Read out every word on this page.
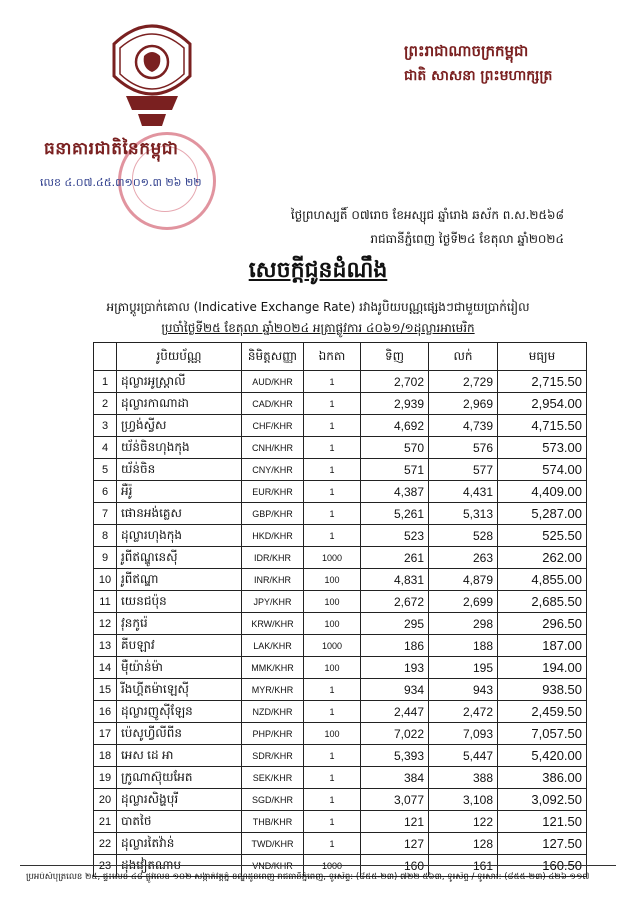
ធនាគារជាតិនៃកម្ពុជា
លេខ ៤.០៧.៤៥.៣១០១.៣ ២៦ ២២
ព្រះរាជាណាចក្រកម្ពុជា
ជាតិ សាសនា ព្រះមហាក្សត្រ
ថ្ងៃព្រហស្បតិ៍ ០៧រោច ខែអស្សុជ ឆ្នាំរោង ឆស័ក ព.ស.២៥៦៨
រាជធានីភ្នំពេញ ថ្ងៃទី២៤ ខែតុលា ឆ្នាំ២០២៤
សេចក្តីជូនដំណឹង
អត្រាប្តូរប្រាក់គោល (Indicative Exchange Rate) រវាងរូបិយបណ្ណផ្សេងៗជាមួយប្រាក់រៀល
ប្រចាំថ្ងៃទី២៥ ខែតុលា ឆ្នាំ២០២៤ អត្រាផ្លូវការ ៤០៦១/១ដុល្លារអាមេរិក
	រូបិយប័ណ្ណ	និមិត្តសញ្ញា	ឯកតា	ទិញ	លក់	មធ្យម
1	ដុល្លារអូស្ត្រាលី	AUD/KHR	1	2,702	2,729	2,715.50
2	ដុល្លារកាណាដា	CAD/KHR	1	2,939	2,969	2,954.00
3	ហ្វ្រង់ស្វីស	CHF/KHR	1	4,692	4,739	4,715.50
4	យ័ន់ចិនហុងកុង	CNH/KHR	1	570	576	573.00
5	យ័ន់ចិន	CNY/KHR	1	571	577	574.00
6	អឺរ៉ូ	EUR/KHR	1	4,387	4,431	4,409.00
7	ផោនអង់គ្លេស	GBP/KHR	1	5,261	5,313	5,287.00
8	ដុល្លារហុងកុង	HKD/KHR	1	523	528	525.50
9	រូពីឥណ្ឌូនេស៊ី	IDR/KHR	1000	261	263	262.00
10	រូពីឥណ្ឌា	INR/KHR	100	4,831	4,879	4,855.00
11	យេនជប៉ុន	JPY/KHR	100	2,672	2,699	2,685.50
12	វុនកូរ៉េ	KRW/KHR	100	295	298	296.50
13	គីបឡាវ	LAK/KHR	1000	186	188	187.00
14	ម៉ឺយ៉ាន់ម៉ា	MMK/KHR	100	193	195	194.00
15	រីងហ្គីតម៉ាឡេស៊ី	MYR/KHR	1	934	943	938.50
16	ដុល្លារញូស៊ីឡែន	NZD/KHR	1	2,447	2,472	2,459.50
17	ប៉េសូហ្វីលីពីន	PHP/KHR	100	7,022	7,093	7,057.50
18	អេស ដេ អា	SDR/KHR	1	5,393	5,447	5,420.00
19	ក្រូណាស៊ុយអែត	SEK/KHR	1	384	388	386.00
20	ដុល្លារសិង្ហបុរី	SGD/KHR	1	3,077	3,108	3,092.50
21	បាតថៃ	THB/KHR	1	121	122	121.50
22	ដុល្លារតៃវ៉ាន់	TWD/KHR	1	127	128	127.50
23	ដុងវៀតណាម	VND/KHR	1000	160	161	160.50
ប្រអប់សំបុត្រលេខ ២៥, ផ្ទះលេខ ៤៨ ផ្លូវលេខ ១០២ សង្កាត់វត្តភ្នំ ខណ្ឌដូនពេញ រាជធានីភ្នំពេញ, ទូរស័ព្ទ: (៨៥៥-២៣) ៧២២ ៥៦៣, ទូរស័ព្ទ / ទូរសារ: (៨៥៥-២៣) ៤២៦ ១១៧
